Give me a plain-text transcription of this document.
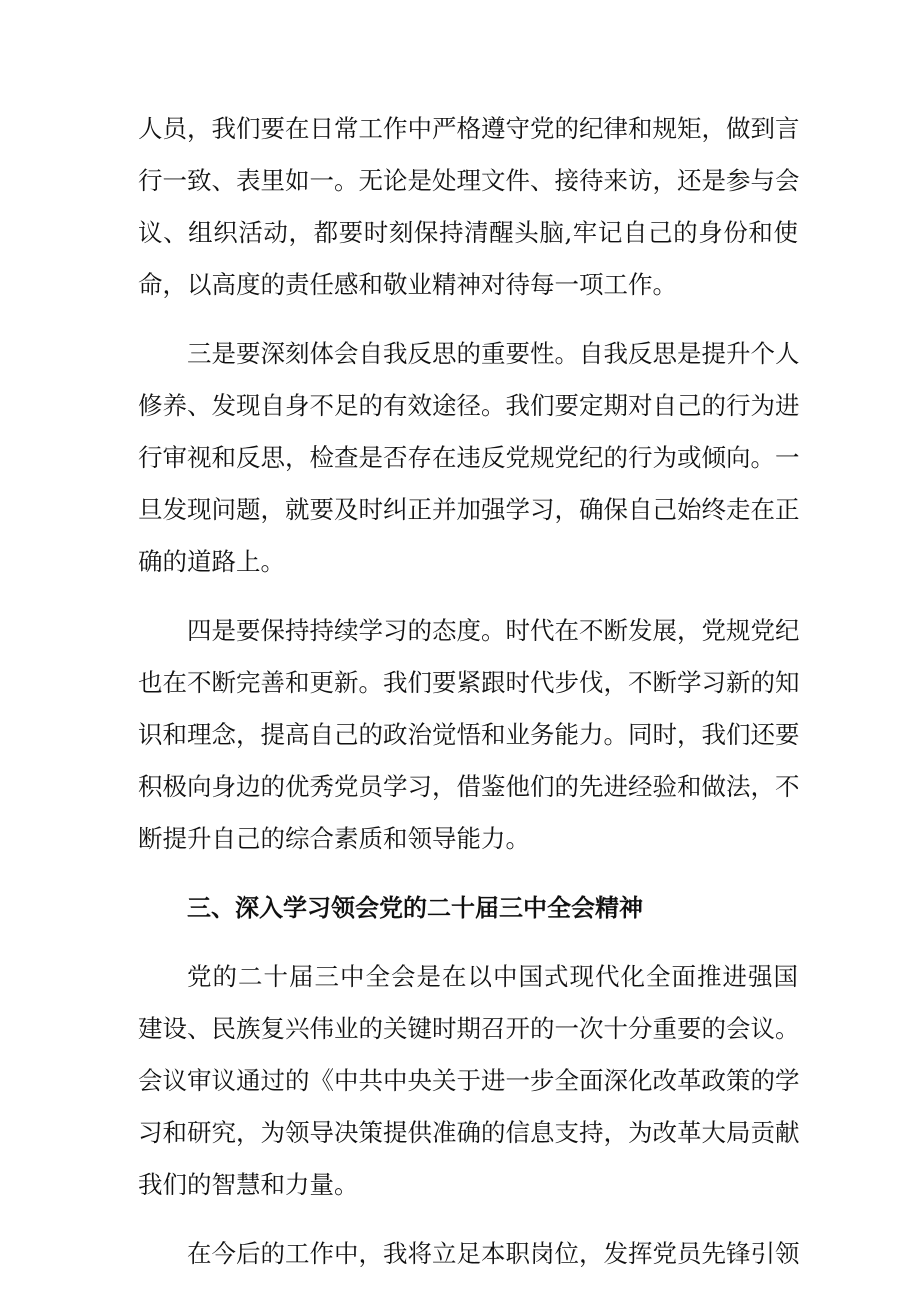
人员，我们要在日常工作中严格遵守党的纪律和规矩，做到言
行一致、表里如一。无论是处理文件、接待来访，还是参与会
议、组织活动，都要时刻保持清醒头脑,牢记自己的身份和使
命，以高度的责任感和敬业精神对待每一项工作。
三是要深刻体会自我反思的重要性。自我反思是提升个人
修养、发现自身不足的有效途径。我们要定期对自己的行为进
行审视和反思，检查是否存在违反党规党纪的行为或倾向。一
旦发现问题，就要及时纠正并加强学习，确保自己始终走在正
确的道路上。
四是要保持持续学习的态度。时代在不断发展，党规党纪
也在不断完善和更新。我们要紧跟时代步伐，不断学习新的知
识和理念，提高自己的政治觉悟和业务能力。同时，我们还要
积极向身边的优秀党员学习，借鉴他们的先进经验和做法，不
断提升自己的综合素质和领导能力。
三、深入学习领会党的二十届三中全会精神
党的二十届三中全会是在以中国式现代化全面推进强国
建设、民族复兴伟业的关键时期召开的一次十分重要的会议。
会议审议通过的《中共中央关于进一步全面深化改革政策的学
习和研究，为领导决策提供准确的信息支持，为改革大局贡献
我们的智慧和力量。
在今后的工作中，我将立足本职岗位，发挥党员先锋引领
